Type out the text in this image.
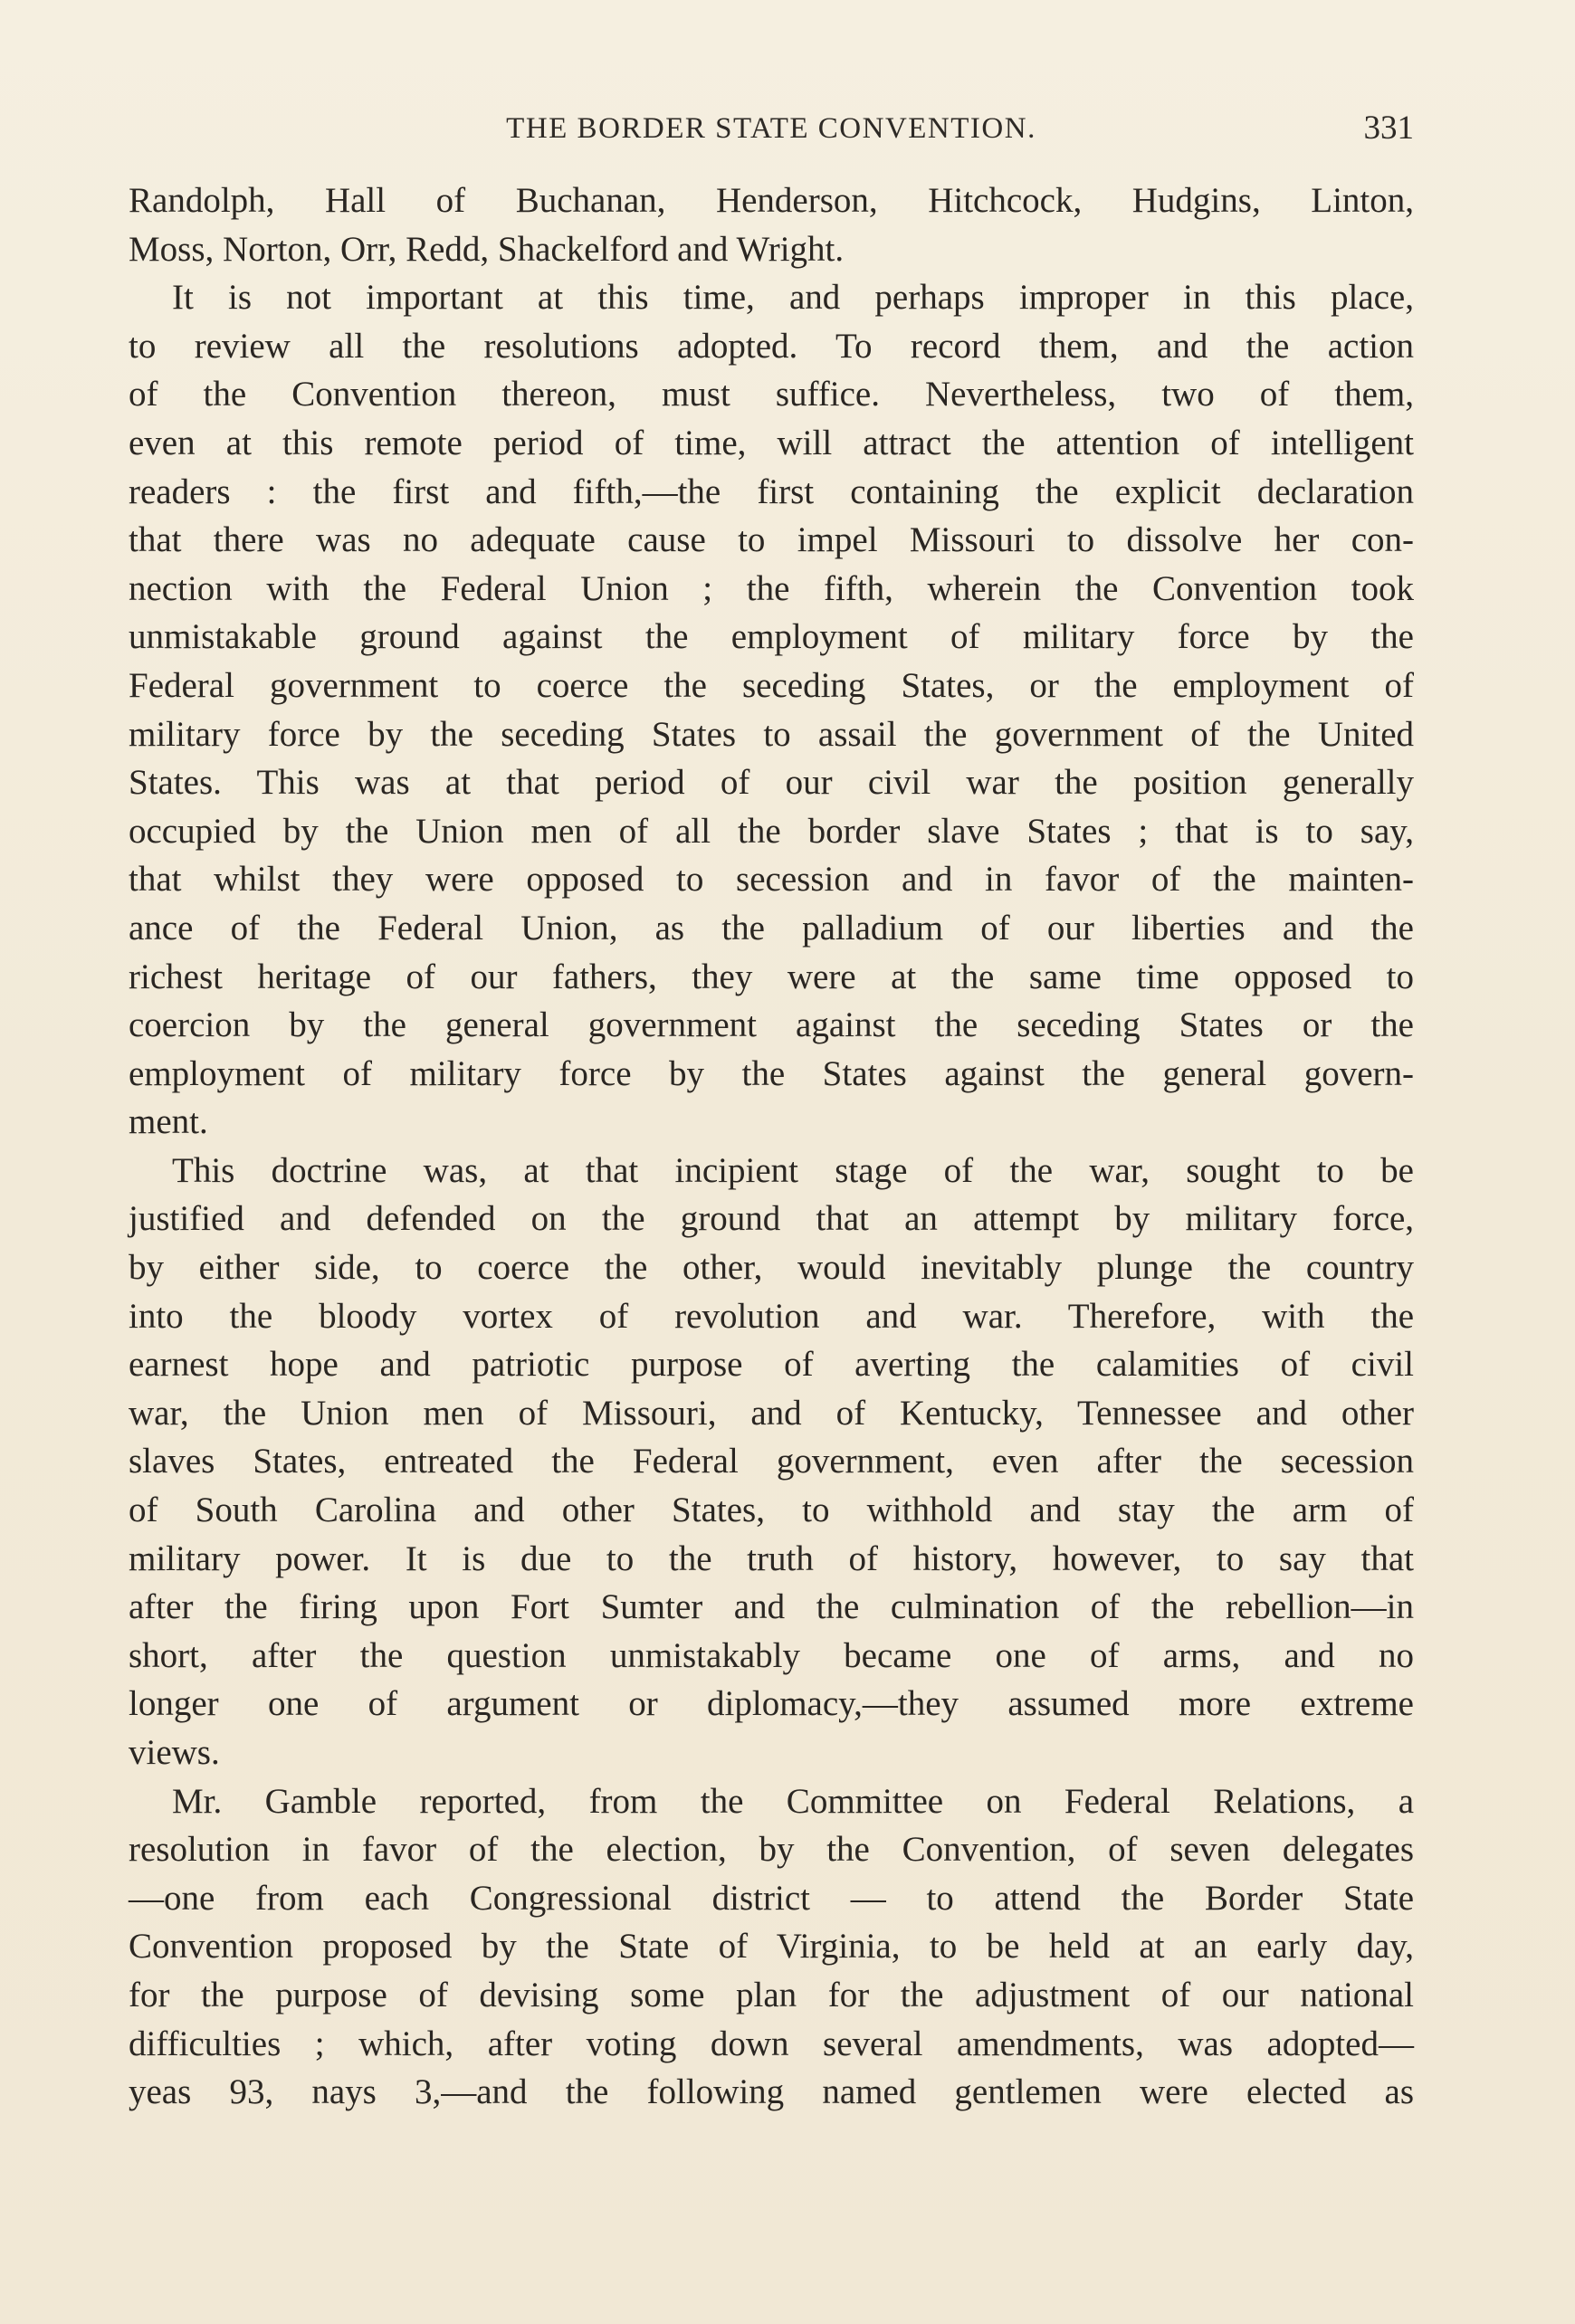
THE BORDER STATE CONVENTION.	331
Randolph, Hall of Buchanan, Henderson, Hitchcock, Hudgins, Linton,
Moss, Norton, Orr, Redd, Shackelford and Wright.
It is not important at this time, and perhaps improper in this place,
to review all the resolutions adopted. To record them, and the action
of the Convention thereon, must suffice. Nevertheless, two of them,
even at this remote period of time, will attract the attention of intelligent
readers : the first and fifth,—the first containing the explicit declaration
that there was no adequate cause to impel Missouri to dissolve her con-
nection with the Federal Union ; the fifth, wherein the Convention took
unmistakable ground against the employment of military force by the
Federal government to coerce the seceding States, or the employment of
military force by the seceding States to assail the government of the United
States. This was at that period of our civil war the position generally
occupied by the Union men of all the border slave States ; that is to say,
that whilst they were opposed to secession and in favor of the mainten-
ance of the Federal Union, as the palladium of our liberties and the
richest heritage of our fathers, they were at the same time opposed to
coercion by the general government against the seceding States or the
employment of military force by the States against the general govern-
ment.
This doctrine was, at that incipient stage of the war, sought to be
justified and defended on the ground that an attempt by military force,
by either side, to coerce the other, would inevitably plunge the country
into the bloody vortex of revolution and war. Therefore, with the
earnest hope and patriotic purpose of averting the calamities of civil
war, the Union men of Missouri, and of Kentucky, Tennessee and other
slaves States, entreated the Federal government, even after the secession
of South Carolina and other States, to withhold and stay the arm of
military power. It is due to the truth of history, however, to say that
after the firing upon Fort Sumter and the culmination of the rebellion—in
short, after the question unmistakably became one of arms, and no
longer one of argument or diplomacy,—they assumed more extreme
views.
Mr. Gamble reported, from the Committee on Federal Relations, a
resolution in favor of the election, by the Convention, of seven delegates
—one from each Congressional district — to attend the Border State
Convention proposed by the State of Virginia, to be held at an early day,
for the purpose of devising some plan for the adjustment of our national
difficulties ; which, after voting down several amendments, was adopted—
yeas 93, nays 3,—and the following named gentlemen were elected as
